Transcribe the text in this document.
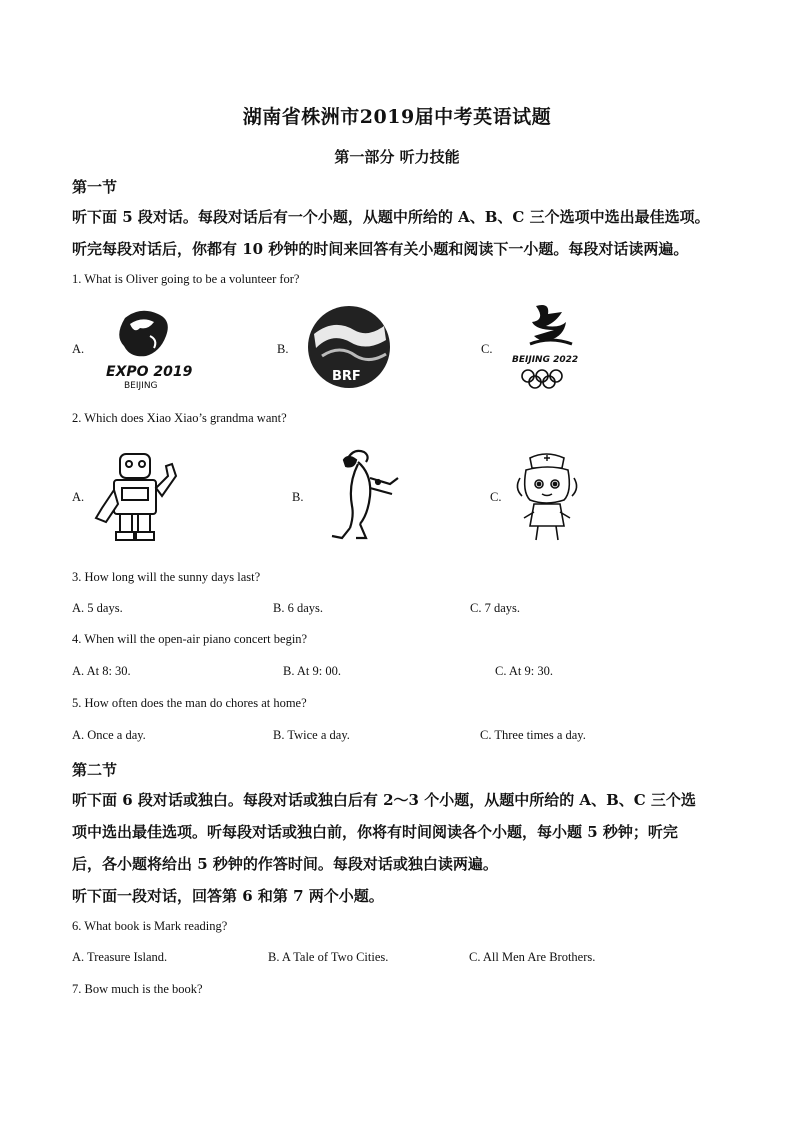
湖南省株洲市2019届中考英语试题
第一部分 听力技能
第一节
听下面 5 段对话。每段对话后有一个小题，从题中所给的 A、B、C 三个选项中选出最佳选项。
听完每段对话后，你都有 10 秒钟的时间来回答有关小题和阅读下一小题。每段对话读两遍。
1. What is Oliver going to be a volunteer for?
A.
EXPO 2019
BEIJING
B.
BRF
C.
BEIJING 2022
2. Which does Xiao Xiao’s grandma want?
A.	B.	C.
3. How long will the sunny days last?
A. 5 days.	B. 6 days.	C. 7 days.
4. When will the open-air piano concert begin?
A. At 8: 30.	B. At 9: 00.	C. At 9: 30.
5. How often does the man do chores at home?
A. Once a day.	B. Twice a day.	C. Three times a day.
第二节
听下面 6 段对话或独白。每段对话或独白后有 2～3 个小题，从题中所给的 A、B、C 三个选
项中选出最佳选项。听每段对话或独白前，你将有时间阅读各个小题，每小题 5 秒钟；听完
后，各小题将给出 5 秒钟的作答时间。每段对话或独白读两遍。
听下面一段对话，回答第 6 和第 7 两个小题。
6. What book is Mark reading?
A. Treasure Island.	B. A Tale of Two Cities.	C. All Men Are Brothers.
7. Bow much is the book?
